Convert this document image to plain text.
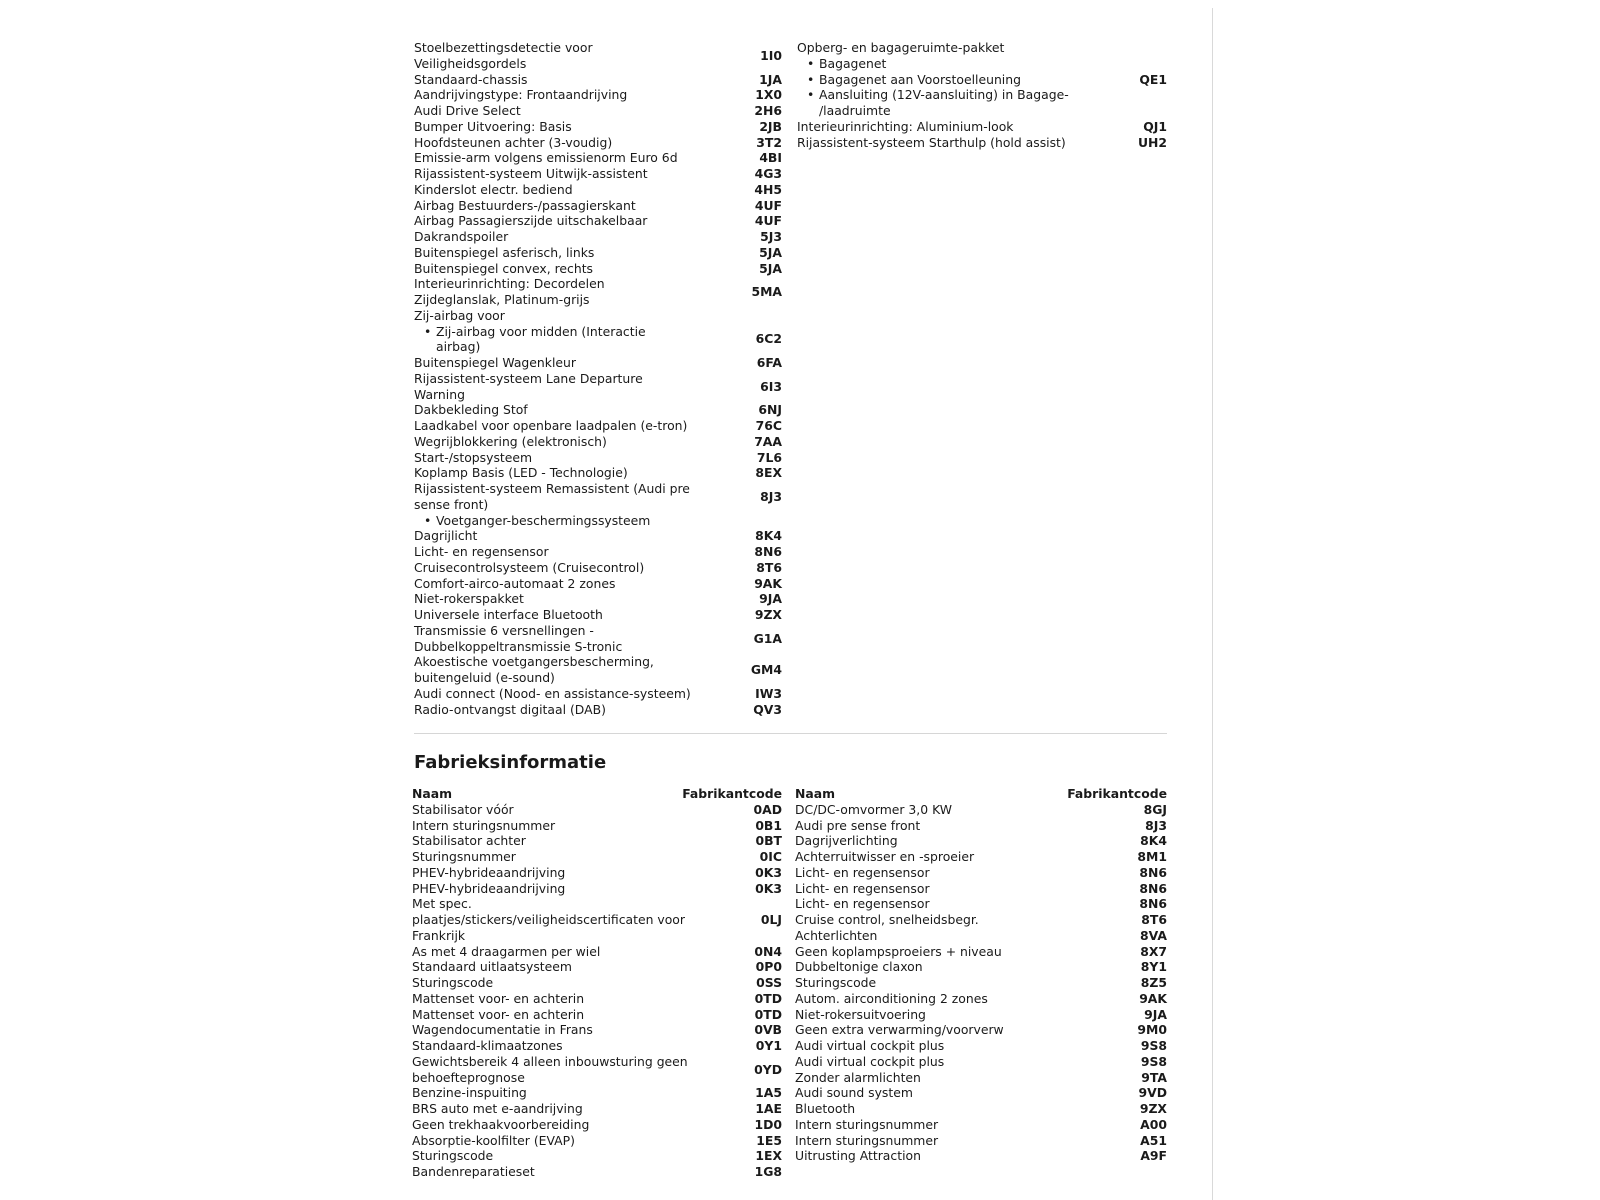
Stoelbezettingsdetectie voor
Veiligheidsgordels
1I0
Standaard-chassis	1JA
Aandrijvingstype: Frontaandrijving	1X0
Audi Drive Select	2H6
Bumper Uitvoering: Basis	2JB
Hoofdsteunen achter (3-voudig)	3T2
Emissie-arm volgens emissienorm Euro 6d	4BI
Rijassistent-systeem Uitwijk-assistent	4G3
Kinderslot electr. bediend	4H5
Airbag Bestuurders-/passagierskant	4UF
Airbag Passagierszijde uitschakelbaar	4UF
Dakrandspoiler	5J3
Buitenspiegel asferisch, links	5JA
Buitenspiegel convex, rechts	5JA
Interieurinrichting: Decordelen
Zijdeglanslak, Platinum-grijs
5MA
Zij-airbag voor
• Zij-airbag voor midden (Interactie
airbag)
6C2
Buitenspiegel Wagenkleur	6FA
Rijassistent-systeem Lane Departure
Warning
6I3
Dakbekleding Stof	6NJ
Laadkabel voor openbare laadpalen (e-tron)	76C
Wegrijblokkering (elektronisch)	7AA
Start-/stopsysteem	7L6
Koplamp Basis (LED - Technologie)	8EX
Rijassistent-systeem Remassistent (Audi pre
sense front)
8J3
• Voetganger-beschermingssysteem
Dagrijlicht	8K4
Licht- en regensensor	8N6
Cruisecontrolsysteem (Cruisecontrol)	8T6
Comfort-airco-automaat 2 zones	9AK
Niet-rokerspakket	9JA
Universele interface Bluetooth	9ZX
Transmissie 6 versnellingen -
Dubbelkoppeltransmissie S-tronic
G1A
Akoestische voetgangersbescherming,
buitengeluid (e-sound)
GM4
Audi connect (Nood- en assistance-systeem)	IW3
Radio-ontvangst digitaal (DAB)	QV3
Opberg- en bagageruimte-pakket
• Bagagenet
• Bagagenet aan Voorstoelleuning	QE1
• Aansluiting (12V-aansluiting) in Bagage-
/laadruimte
Interieurinrichting: Aluminium-look	QJ1
Rijassistent-systeem Starthulp (hold assist)	UH2
Fabrieksinformatie
Naam	Fabrikantcode
Stabilisator vóór	0AD
Intern sturingsnummer	0B1
Stabilisator achter	0BT
Sturingsnummer	0IC
PHEV-hybrideaandrijving	0K3
PHEV-hybrideaandrijving	0K3
Met spec.
plaatjes/stickers/veiligheidscertificaten voor
Frankrijk
0LJ
As met 4 draagarmen per wiel	0N4
Standaard uitlaatsysteem	0P0
Sturingscode	0SS
Mattenset voor- en achterin	0TD
Mattenset voor- en achterin	0TD
Wagendocumentatie in Frans	0VB
Standaard-klimaatzones	0Y1
Gewichtsbereik 4 alleen inbouwsturing geen
behoefteprognose
0YD
Benzine-inspuiting	1A5
BRS auto met e-aandrijving	1AE
Geen trekhaakvoorbereiding	1D0
Absorptie-koolfilter (EVAP)	1E5
Sturingscode	1EX
Bandenreparatieset	1G8
Naam	Fabrikantcode
DC/DC-omvormer 3,0 KW	8GJ
Audi pre sense front	8J3
Dagrijverlichting	8K4
Achterruitwisser en -sproeier	8M1
Licht- en regensensor	8N6
Licht- en regensensor	8N6
Licht- en regensensor	8N6
Cruise control, snelheidsbegr.	8T6
Achterlichten	8VA
Geen koplampsproeiers + niveau	8X7
Dubbeltonige claxon	8Y1
Sturingscode	8Z5
Autom. airconditioning 2 zones	9AK
Niet-rokersuitvoering	9JA
Geen extra verwarming/voorverw	9M0
Audi virtual cockpit plus	9S8
Audi virtual cockpit plus	9S8
Zonder alarmlichten	9TA
Audi sound system	9VD
Bluetooth	9ZX
Intern sturingsnummer	A00
Intern sturingsnummer	A51
Uitrusting Attraction	A9F
